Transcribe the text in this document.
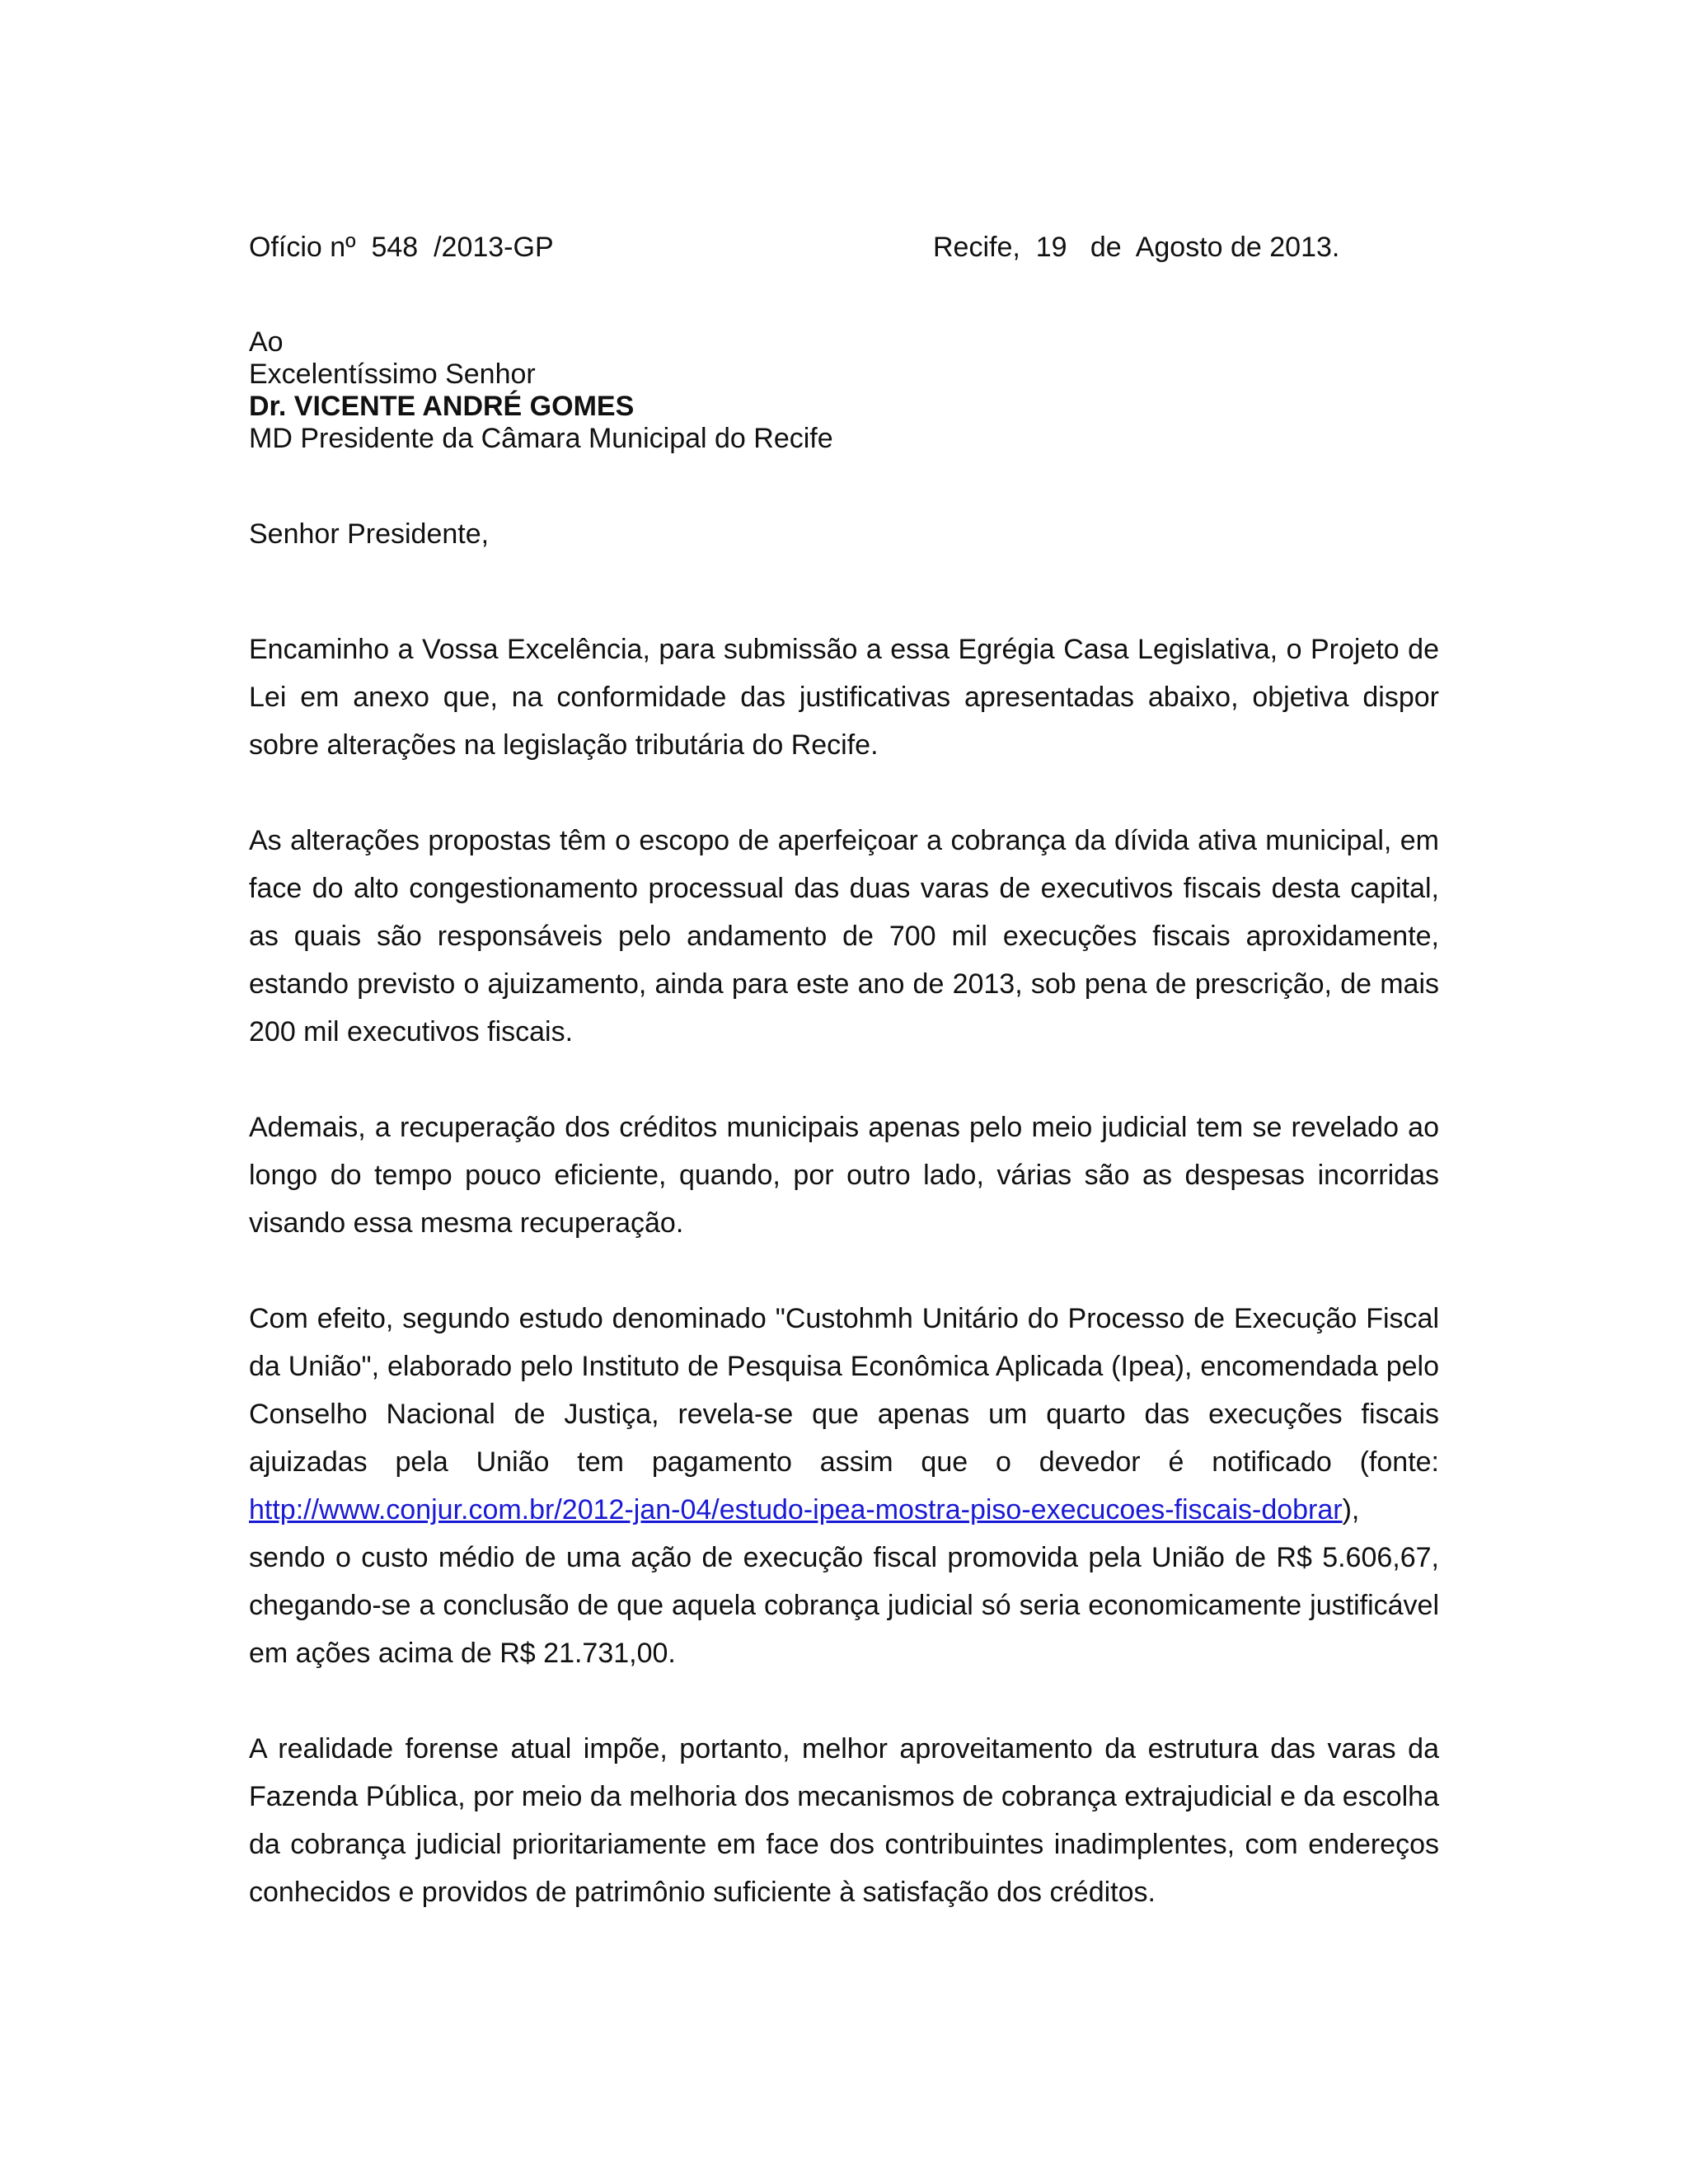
Ofício nº  548  /2013-GP	Recife,  19   de  Agosto de 2013.
Ao
Excelentíssimo Senhor
Dr. VICENTE ANDRÉ GOMES
MD Presidente da Câmara Municipal do Recife
Senhor Presidente,

Encaminho a Vossa Excelência, para submissão a essa Egrégia Casa Legislativa, o Projeto de Lei em anexo que, na conformidade das justificativas apresentadas abaixo, objetiva dispor sobre alterações na legislação tributária do Recife.

As alterações propostas têm o escopo de aperfeiçoar a cobrança da dívida ativa municipal, em face do alto congestionamento processual das duas varas de executivos fiscais desta capital, as quais são responsáveis pelo andamento de 700 mil execuções fiscais aproxidamente, estando previsto o ajuizamento, ainda para este ano de 2013, sob pena de prescrição, de mais 200 mil executivos fiscais.

Ademais, a recuperação dos créditos municipais apenas pelo meio judicial tem se revelado ao longo do tempo pouco eficiente, quando, por outro lado, várias são as despesas incorridas visando essa mesma recuperação.

Com efeito, segundo estudo denominado "Custohmh Unitário do Processo de Execução Fiscal da União", elaborado pelo Instituto de Pesquisa Econômica Aplicada (Ipea), encomendada pelo Conselho Nacional de Justiça, revela-se que apenas um quarto das execuções fiscais ajuizadas pela União tem pagamento assim que o devedor é notificado (fonte: http://www.conjur.com.br/2012-jan-04/estudo-ipea-mostra-piso-execucoes-fiscais-dobrar), sendo o custo médio de uma ação de execução fiscal promovida pela União de R$ 5.606,67, chegando-se a conclusão de que aquela cobrança judicial só seria economicamente justificável em ações acima de R$ 21.731,00.

A realidade forense atual impõe, portanto, melhor aproveitamento da estrutura das varas da Fazenda Pública, por meio da melhoria dos mecanismos de cobrança extrajudicial e da escolha da cobrança judicial prioritariamente em face dos contribuintes inadimplentes, com endereços conhecidos e providos de patrimônio suficiente à satisfação dos créditos.
